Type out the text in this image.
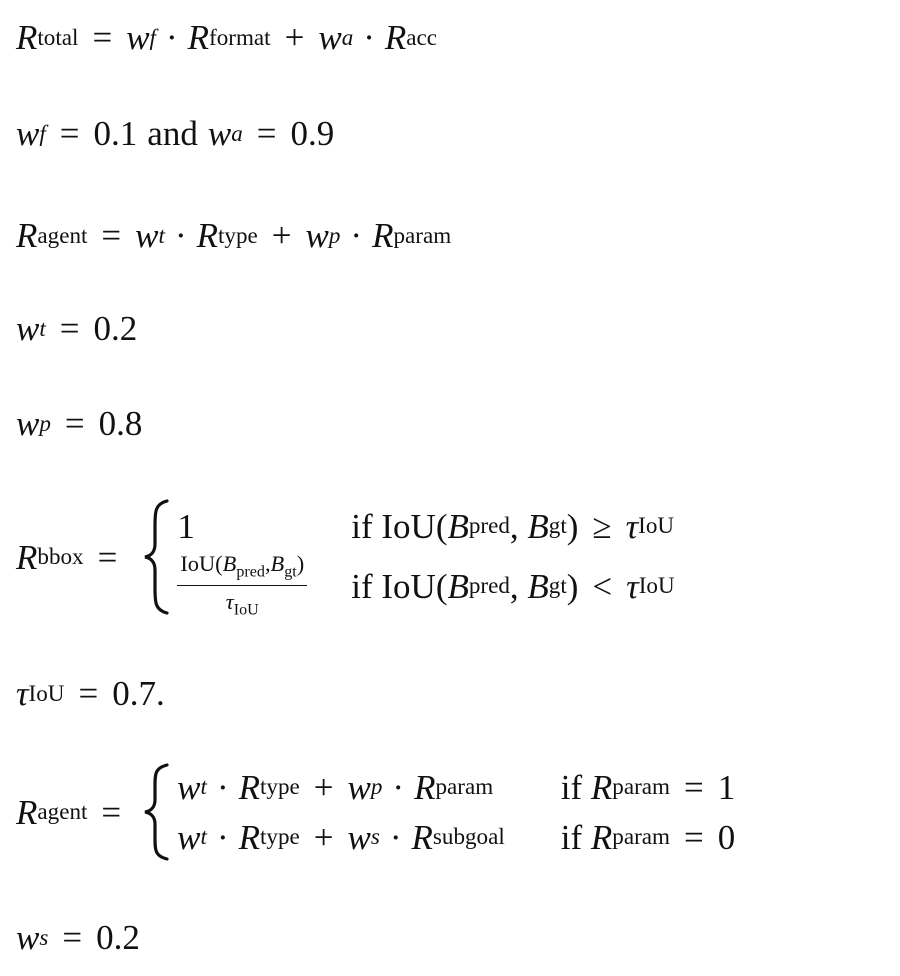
R total = w f · R format + w a · R acc
w f = 0.1 and w a = 0.9
R agent = w t · R type + w p · R param
w t = 0.2
w p = 0.8
R bbox =
1	if
IoU ( B pred , B gt ) ≥ τ IoU
$\frac{IoU(B_{pred},B_{gt})}{\tau_{IoU}}$ if
IoU ( B pred , B gt ) < τ IoU
τ IoU = 0.7.
R agent =
w t · R type + w p · R param if
R param = 1
w t · R type + w s · R subgoal if
R param = 0
w s = 0.2
